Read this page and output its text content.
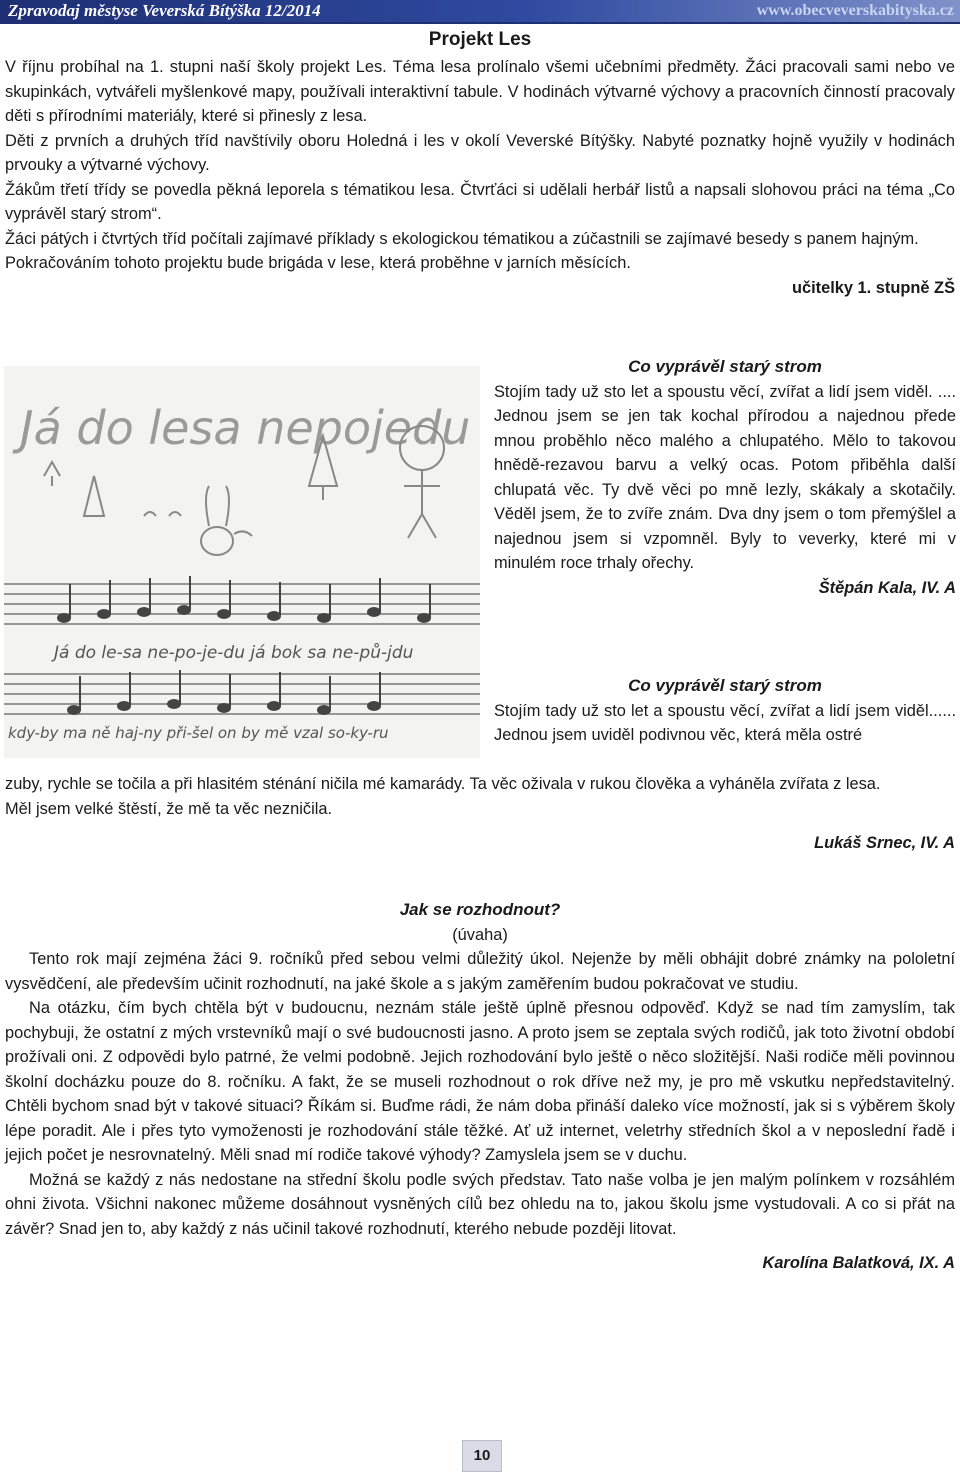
Zpravodaj městyse Veverská Bítýška 12/2014	www.obecveverskabityska.cz
Projekt Les

V říjnu probíhal na 1. stupni naší školy projekt Les. Téma lesa prolínalo všemi učebními předměty. Žáci pracovali sami nebo ve skupinkách, vytvářeli myšlenkové mapy, používali interaktivní tabule. V hodinách výtvarné výchovy a pracovních činností pracovaly děti s přírodními materiály, které si přinesly z lesa.

Děti z prvních a druhých tříd navštívily oboru Holedná i les v okolí Veverské Bítýšky. Nabyté poznatky hojně využily v hodinách prvouky a výtvarné výchovy.

Žákům třetí třídy se povedla pěkná leporela s tématikou lesa. Čtvrťáci si udělali herbář listů a napsali slohovou práci na téma „Co vyprávěl starý strom“.

Žáci pátých i čtvrtých tříd počítali zajímavé příklady s ekologickou tématikou a zúčastnili se zajímavé besedy s panem hajným.

Pokračováním tohoto projektu bude brigáda v lese, která proběhne v jarních měsících.

učitelky 1. stupně ZŠ

Já do lesa nepojedu
Já do le-sa ne-po-je-du já bok sa ne-pů-jdu
kdy-by ma ně haj-ny při-šel on by mě vzal so-ky-ru

Co vyprávěl starý strom

Stojím tady už sto let a spoustu věcí, zvířat a lidí jsem viděl. .... Jednou jsem se jen tak kochal přírodou a najednou přede mnou proběhlo něco malého a chlupatého. Mělo to takovou hnědě-rezavou barvu a velký ocas. Potom přiběhla další chlupatá věc. Ty dvě věci po mně lezly, skákaly a skotačily. Věděl jsem, že to zvíře znám. Dva dny jsem o tom přemýšlel a najednou jsem si vzpomněl. Byly to veverky, které mi v minulém roce trhaly ořechy.

Štěpán Kala, IV. A

Co vyprávěl starý strom

Stojím tady už sto let a spoustu věcí, zvířat a lidí jsem viděl...... Jednou jsem uviděl podivnou věc, která měla ostré

zuby, rychle se točila a při hlasitém sténání ničila mé kamarády. Ta věc oživala v rukou člověka a vyháněla zvířata z lesa.

Měl jsem velké štěstí, že mě ta věc nezničila.

Lukáš Srnec, IV. A

Jak se rozhodnout?

(úvaha)

Tento rok mají zejména žáci 9. ročníků před sebou velmi důležitý úkol. Nejenže by měli obhájit dobré známky na pololetní vysvědčení, ale především učinit rozhodnutí, na jaké škole a s jakým zaměřením budou pokračovat ve studiu.

Na otázku, čím bych chtěla být v budoucnu, neznám stále ještě úplně přesnou odpověď. Když se nad tím zamyslím, tak pochybuji, že ostatní z mých vrstevníků mají o své budoucnosti jasno. A proto jsem se zeptala svých rodičů, jak toto životní období prožívali oni. Z odpovědi bylo patrné, že velmi podobně. Jejich rozhodování bylo ještě o něco složitější. Naši rodiče měli povinnou školní docházku pouze do 8. ročníku. A fakt, že se museli rozhodnout o rok dříve než my, je pro mě vskutku nepředstavitelný. Chtěli bychom snad být v takové situaci? Říkám si. Buďme rádi, že nám doba přináší daleko více možností, jak si s výběrem školy lépe poradit. Ale i přes tyto vymoženosti je rozhodování stále těžké. Ať už internet, veletrhy středních škol a v neposlední řadě i jejich počet je nesrovnatelný. Měli snad mí rodiče takové výhody? Zamyslela jsem se v duchu.

Možná se každý z nás nedostane na střední školu podle svých představ. Tato naše volba je jen malým polínkem v rozsáhlém ohni života. Všichni nakonec můžeme dosáhnout vysněných cílů bez ohledu na to, jakou školu jsme vystudovali. A co si přát na závěr? Snad jen to, aby každý z nás učinil takové rozhodnutí, kterého nebude později litovat.

Karolína Balatková, IX. A

10
